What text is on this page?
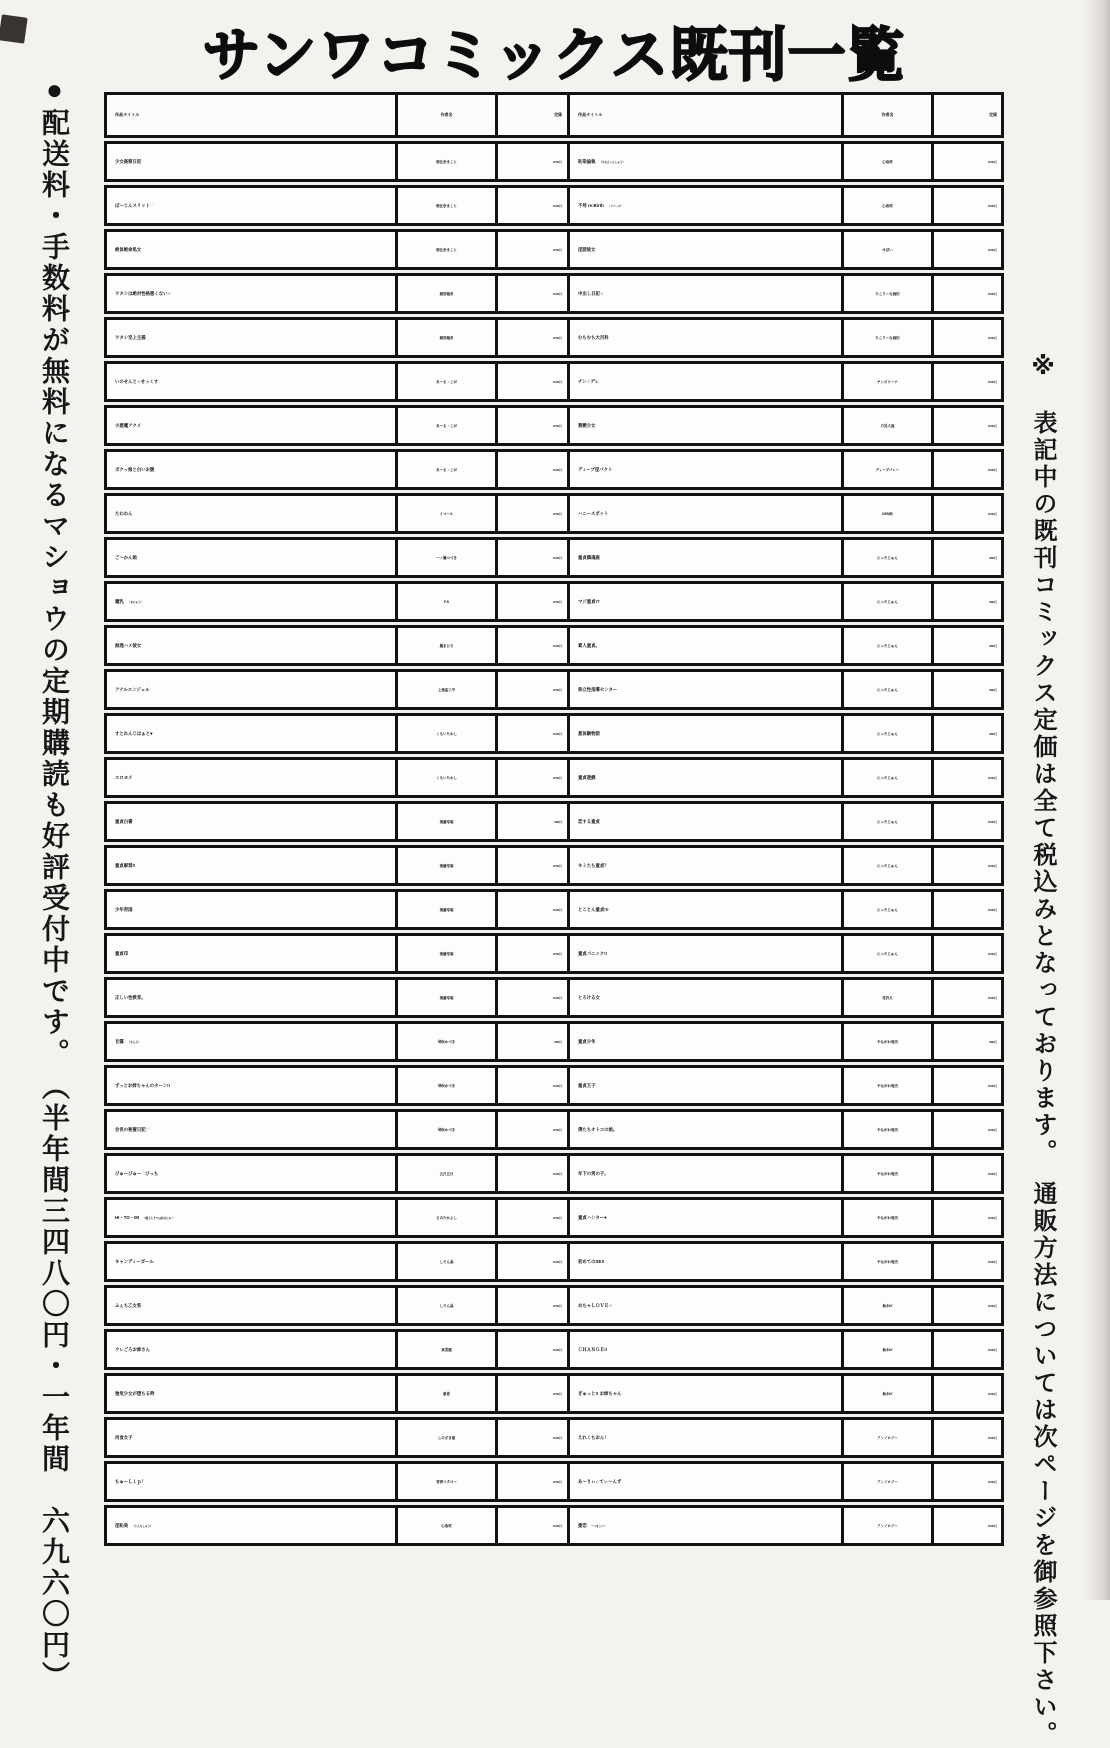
●配送料・手数料が無料になるマショウの定期購読も好評受付中です。　（半年間三四八〇円・一年間　六九六〇円）
サンワコミックス既刊一覧
作品タイトル	作者名	定価	作品タイトル	作者名	定価
少女姦察日記	朝比奈まこと	1000円	恥染偏執 （ちせんへんしゅう）	心島咲	1000円
ば〜じんスリット♡	朝比奈まこと	1000円	不埒 re:Birth （リバース）	心島咲	1000円
絶体絶命処女	朝比奈まこと	1000円	淫語彼女	せぼい	1000円
ワタシは絶対性格悪くない☆	綾那瑞奇	1000円	中出し日記☆	たこりーな画伯	1000円
ワタシ至上主義	綾那瑞奇	1000円	むちむち大百科	たこりーな画伯	1000円
いのせんと☆せっくす	あ〜る・こが	1000円	チン☆デレ	チンズリーナ	1000円
小悪魔アクメ	あ〜る・こが	1000円	猥褻少女	月見大福	1000円
ボクっ娘と白いお腹	あ〜る・こが	1000円	ディープ淫パクト	ディープバレー	1000円
たわわん	イコール	1000円	ハニースポット	DEN助	1000円
ご〜かん娘	一ノ瀬つづき	1000円	童貞鎮魂姦	にったじゅん	980円
魔乳 （まにゅう）	F.S	1000円	マジ童貞!?	にったじゅん	980円
無理ハメ彼女	鳳まひろ	1000円	素人童貞。	にったじゅん	980円
アナルエンジェル	上連雀三平	1000円	県立性指導センター	にったじゅん	980円
すとれんじはぁと♥	くもいたかし	1000円	夏体験物語	にったじゅん	980円
エロヨメ	くもいたかし	1000円	童貞遊戯	にったじゅん	1000円
童貞白書	後藤寿庵	980円	恋する童貞	にったじゅん	1000円
童貞解禁!!	後藤寿庵	1000円	キミたち童貞？	にったじゅん	1000円
少年帝国	後藤寿庵	1000円	とことん童貞!!!	にったじゅん	1000円
童貞印	後藤寿庵	1000円	童貞パニック!!	にったじゅん	1000円
正しい性教育。	後藤寿庵	1000円	とろける女	花沢太	1000円
甘露 （かんろ）	琴吹かづき	980円	童貞少年	やながわ理央	980円
ずっとお姉ちゃんのターン!!	琴吹かづき	1000円	童貞王子	やながわ理央	1000円
会長の秘蜜日記♡	琴吹かづき	1000円	僕たちオトコの娘。	やながわ理央	1000円
びゅーびゅー♡びっち	五月五日	1000円	年下の男の子。	やながわ理央	1000円
HI・TO・MI 〜御主人サマは幼なじみ〜	さのたかよし	1000円	童貞ハンター♥	やながわ理央	1000円
キャンディーガール	しでん晶	1000円	初めてのSEX	やながわ理央	1000円
ふぇち乙女系	しでん晶	1000円	めちゃＬＯＶＥ☆	柚木N'	1000円
ウレごろお姉さん	東雲龍	1000円	ＣＨＡＮＧＥ!!	柚木N'	1000円
強気少女が堕ちる時	紫恩	1000円	ぎゅっと!! お姉ちゃん	柚木N'	1000円
肉食女子	しのざき嶺	1000円	えれくちおん！	アンソロジー	1000円
ちゅーＬｉｐ！	宵野コタロー	1000円	あ〜りぃ☆てぃ〜んず	アンソロジー	1000円
淫恥臭 （いんちしゅう）	心島咲	1000円	妻恋 〜つまこい〜	アンソロジー	1000円 ※　表記中の既刊コミックス定価は全て税込みとなっております。　通販方法については次ページを御参照下さい。
